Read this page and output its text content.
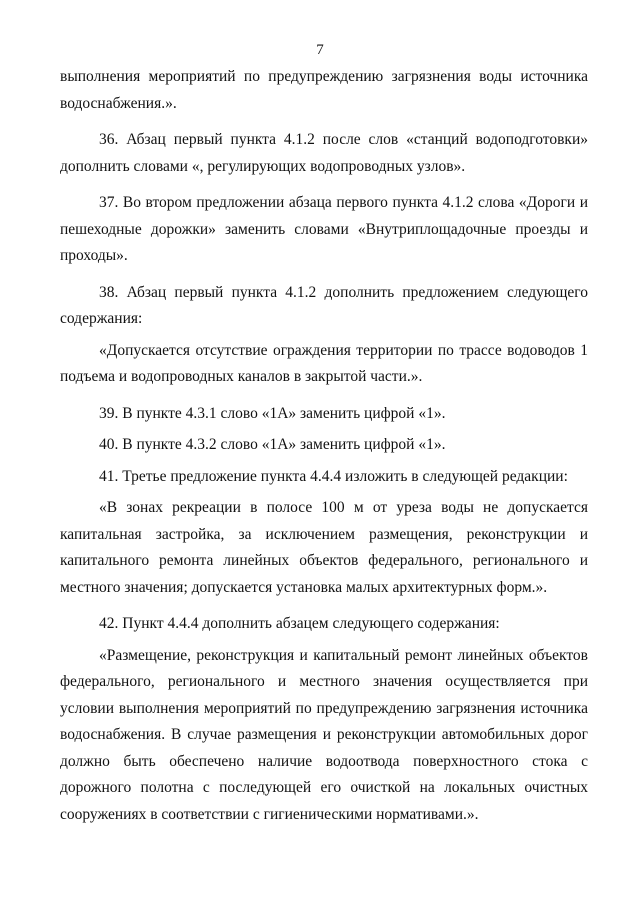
7

выполнения мероприятий по предупреждению загрязнения воды источника водоснабжения.».

36. Абзац первый пункта 4.1.2 после слов «станций водоподготовки» дополнить словами «, регулирующих водопроводных узлов».

37. Во втором предложении абзаца первого пункта 4.1.2 слова «Дороги и пешеходные дорожки» заменить словами «Внутриплощадочные проезды и проходы».

38. Абзац первый пункта 4.1.2 дополнить предложением следующего содержания:

«Допускается отсутствие ограждения территории по трассе водоводов 1 подъема и водопроводных каналов в закрытой части.».

39. В пункте 4.3.1 слово «1А» заменить цифрой «1».

40. В пункте 4.3.2 слово «1А» заменить цифрой «1».

41. Третье предложение пункта 4.4.4 изложить в следующей редакции:

«В зонах рекреации в полосе 100 м от уреза воды не допускается капитальная застройка, за исключением размещения, реконструкции и капитального ремонта линейных объектов федерального, регионального и местного значения; допускается установка малых архитектурных форм.».

42. Пункт 4.4.4 дополнить абзацем следующего содержания:

«Размещение, реконструкция и капитальный ремонт линейных объектов федерального, регионального и местного значения осуществляется при условии выполнения мероприятий по предупреждению загрязнения источника водоснабжения. В случае размещения и реконструкции автомобильных дорог должно быть обеспечено наличие водоотвода поверхностного стока с дорожного полотна с последующей его очисткой на локальных очистных сооружениях в соответствии с гигиеническими нормативами.».
